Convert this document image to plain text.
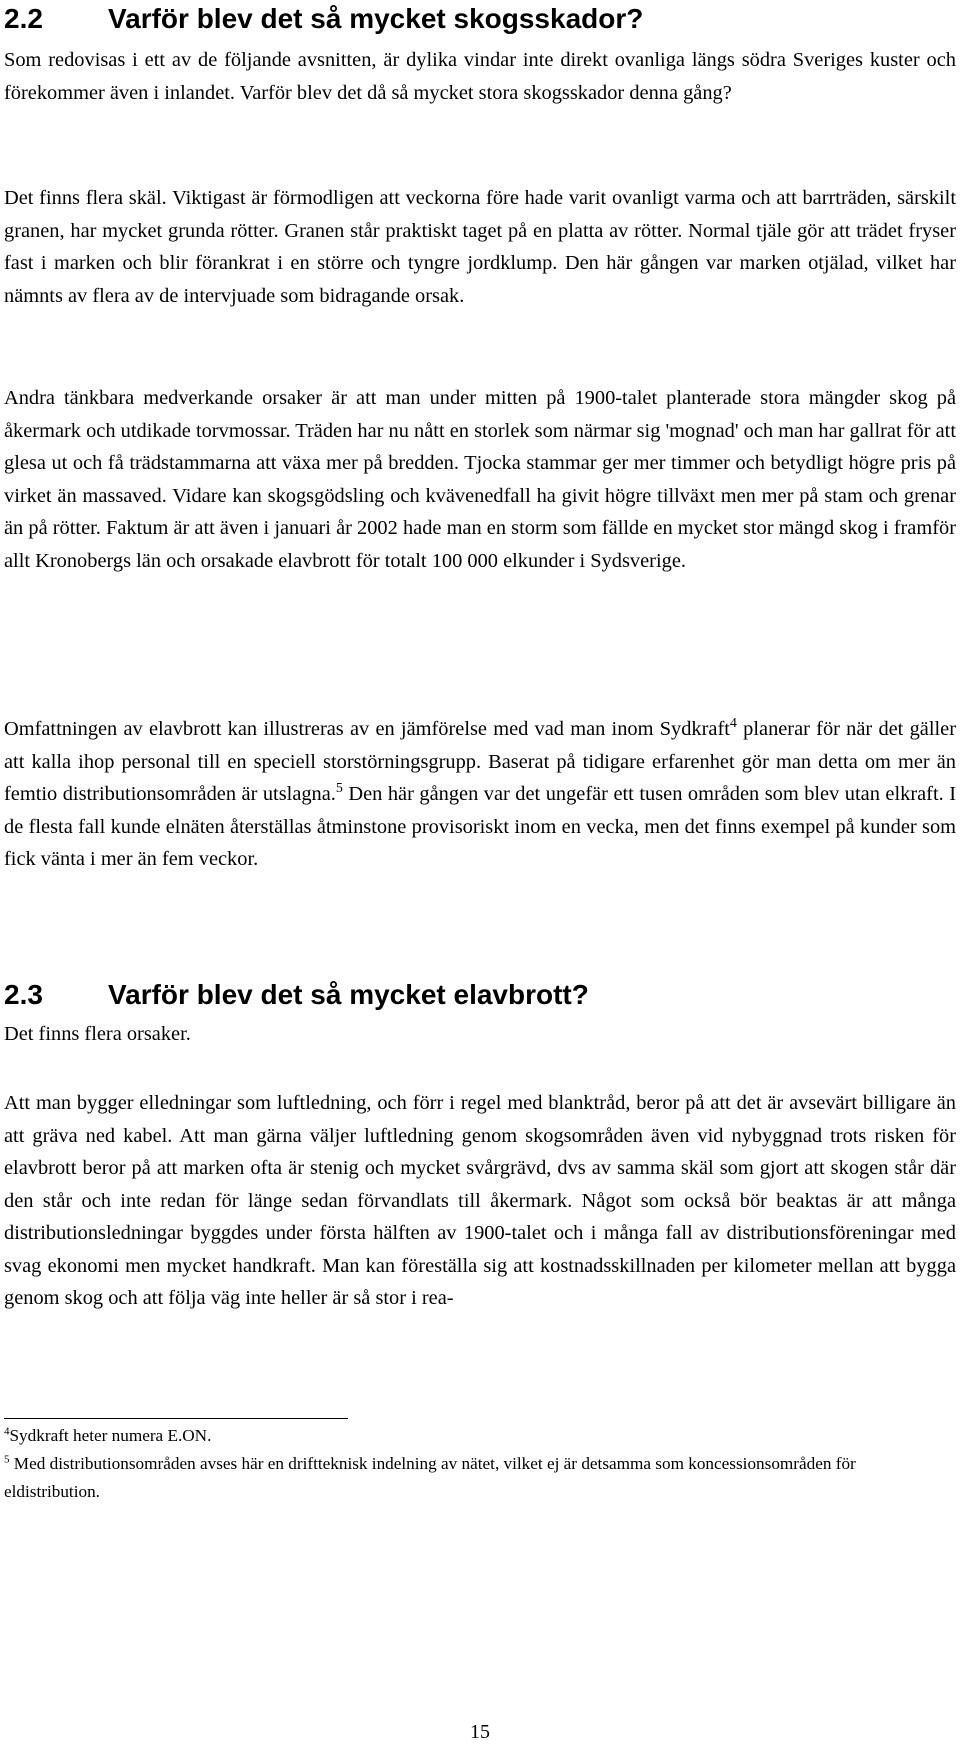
2.2 Varför blev det så mycket skogsskador?

Som redovisas i ett av de följande avsnitten, är dylika vindar inte direkt ovanliga längs södra Sveriges kuster och förekommer även i inlandet. Varför blev det då så mycket stora skogsskador denna gång?

Det finns flera skäl. Viktigast är förmodligen att veckorna före hade varit ovanligt varma och att barrträden, särskilt granen, har mycket grunda rötter. Granen står praktiskt taget på en platta av rötter. Normal tjäle gör att trädet fryser fast i marken och blir förankrat i en större och tyngre jordklump. Den här gången var marken otjälad, vilket har nämnts av flera av de intervjuade som bidragande orsak.

Andra tänkbara medverkande orsaker är att man under mitten på 1900-talet planterade stora mängder skog på åkermark och utdikade torvmossar. Träden har nu nått en storlek som närmar sig 'mognad' och man har gallrat för att glesa ut och få trädstammarna att växa mer på bredden. Tjocka stammar ger mer timmer och betydligt högre pris på virket än massaved. Vidare kan skogsgödsling och kvävenedfall ha givit högre tillväxt men mer på stam och grenar än på rötter. Faktum är att även i januari år 2002 hade man en storm som fällde en mycket stor mängd skog i framför allt Kronobergs län och orsakade elavbrott för totalt 100 000 elkunder i Sydsverige.

Omfattningen av elavbrott kan illustreras av en jämförelse med vad man inom Sydkraft$^4$ planerar för när det gäller att kalla ihop personal till en speciell storstörningsgrupp. Baserat på tidigare erfarenhet gör man detta om mer än femtio distributionsområden är utslagna.$^5$ Den här gången var det ungefär ett tusen områden som blev utan elkraft. I de flesta fall kunde elnäten återställas åtminstone provisoriskt inom en vecka, men det finns exempel på kunder som fick vänta i mer än fem veckor.

2.3 Varför blev det så mycket elavbrott?

Det finns flera orsaker.

Att man bygger elledningar som luftledning, och förr i regel med blanktråd, beror på att det är avsevärt billigare än att gräva ned kabel. Att man gärna väljer luftledning genom skogsområden även vid nybyggnad trots risken för elavbrott beror på att marken ofta är stenig och mycket svårgrävd, dvs av samma skäl som gjort att skogen står där den står och inte redan för länge sedan förvandlats till åkermark. Något som också bör beaktas är att många distributionsledningar byggdes under första hälften av 1900-talet och i många fall av distributionsföreningar med svag ekonomi men mycket handkraft. Man kan föreställa sig att kostnadsskillnaden per kilometer mellan att bygga genom skog och att följa väg inte heller är så stor i rea-

$^4$Sydkraft heter numera E.ON.

$^5$ Med distributionsområden avses här en driftteknisk indelning av nätet, vilket ej är detsamma som koncessionsområden för eldistribution.

15
